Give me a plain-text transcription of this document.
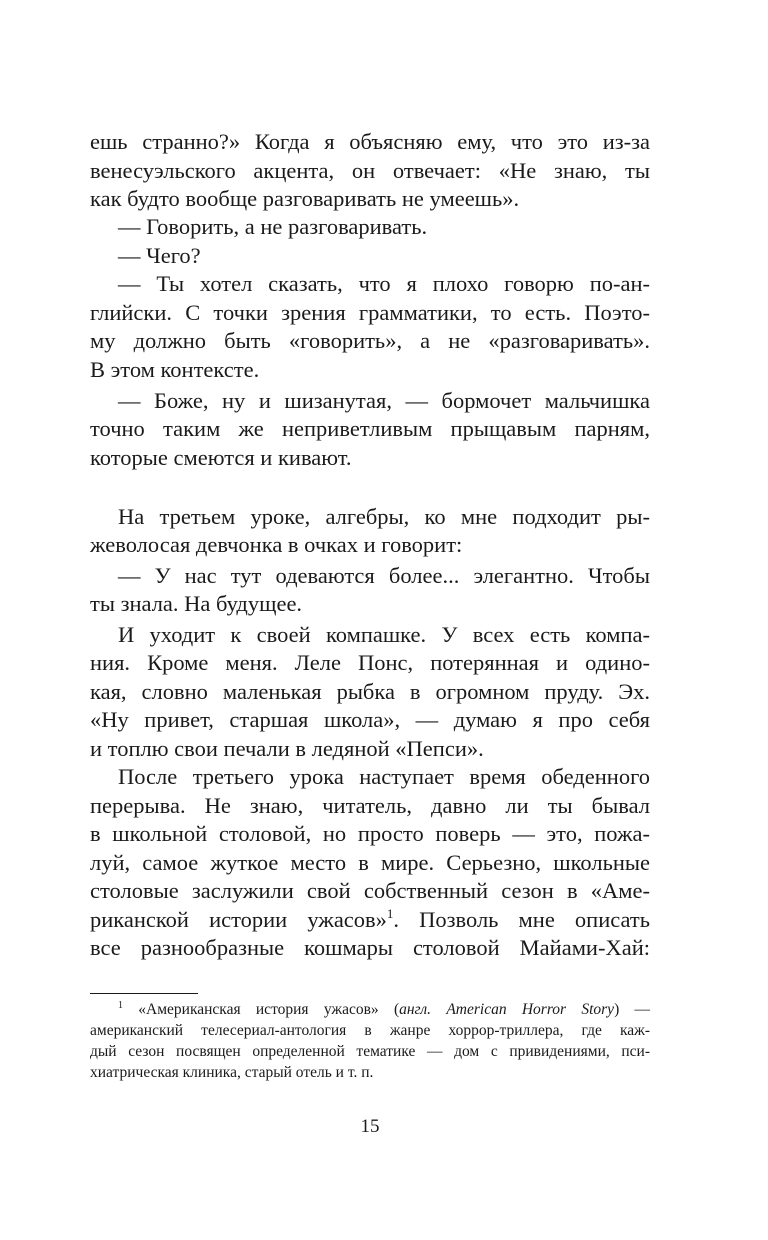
ешь странно?» Когда я объясняю ему, что это из-за
венесуэльского акцента, он отвечает: «Не знаю, ты
как будто вообще разговаривать не умеешь».
— Говорить, а не разговаривать.
— Чего?
— Ты хотел сказать, что я плохо говорю по-ан-
глийски. С точки зрения грамматики, то есть. Поэто-
му должно быть «говорить», а не «разговаривать».
В этом контексте.
— Боже, ну и шизанутая, — бормочет мальчишка
точно таким же неприветливым прыщавым парням,
которые смеются и кивают.
На третьем уроке, алгебры, ко мне подходит ры-
жеволосая девчонка в очках и говорит:
— У нас тут одеваются более... элегантно. Чтобы
ты знала. На будущее.
И уходит к своей компашке. У всех есть компа-
ния. Кроме меня. Леле Понс, потерянная и одино-
кая, словно маленькая рыбка в огромном пруду. Эх.
«Ну привет, старшая школа», — думаю я про себя
и топлю свои печали в ледяной «Пепси».
После третьего урока наступает время обеденного
перерыва. Не знаю, читатель, давно ли ты бывал
в школьной столовой, но просто поверь — это, пожа-
луй, самое жуткое место в мире. Серьезно, школьные
столовые заслужили свой собственный сезон в «Аме-
риканской истории ужасов»$^1$. Позволь мне описать
все разнообразные кошмары столовой Майами-Хай:
$^1$ «Американская история ужасов» (англ. American Horror Story) —
американский телесериал-антология в жанре хоррор-триллера, где каж-
дый сезон посвящен определенной тематике — дом с привидениями, пси-
хиатрическая клиника, старый отель и т. п.
15
